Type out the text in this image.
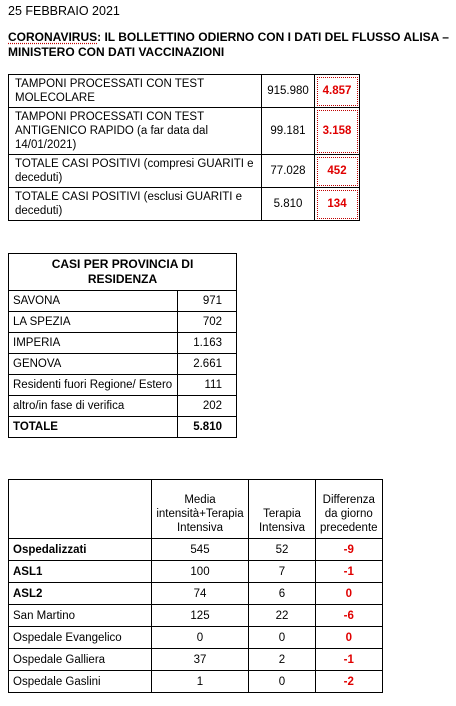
25 FEBBRAIO 2021
CORONAVIRUS: IL BOLLETTINO ODIERNO CON I DATI DEL FLUSSO ALISA – MINISTERO CON DATI VACCINAZIONI
TAMPONI PROCESSATI CON TEST MOLECOLARE	915.980	4.857
TAMPONI PROCESSATI CON TEST ANTIGENICO RAPIDO (a far data dal 14/01/2021)	99.181	3.158
TOTALE CASI POSITIVI (compresi GUARITI e deceduti)	77.028	452
TOTALE CASI POSITIVI (esclusi GUARITI e deceduti)	5.810	134
CASI PER PROVINCIA DI RESIDENZA	
SAVONA	971
LA SPEZIA	702
IMPERIA	1.163
GENOVA	2.661
Residenti fuori Regione/ Estero	111
altro/in fase di verifica	202
TOTALE	5.810
	Media intensità+Terapia Intensiva	Terapia Intensiva	Differenza da giorno precedente
Ospedalizzati	545	52	-9
ASL1	100	7	-1
ASL2	74	6	0
San Martino	125	22	-6
Ospedale Evangelico	0	0	0
Ospedale Galliera	37	2	-1
Ospedale Gaslini	1	0	-2
